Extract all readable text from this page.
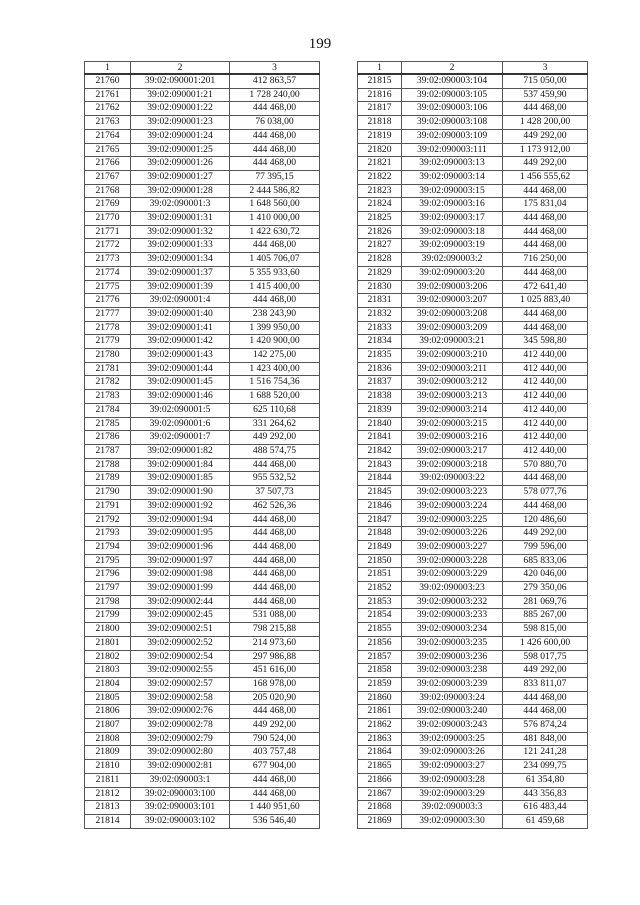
199
1	2	3
21760	39:02:090001:201	412 863,57
21761	39:02:090001:21	1 728 240,00
21762	39:02:090001:22	444 468,00
21763	39:02:090001:23	76 038,00
21764	39:02:090001:24	444 468,00
21765	39:02:090001:25	444 468,00
21766	39:02:090001:26	444 468,00
21767	39:02:090001:27	77 395,15
21768	39:02:090001:28	2 444 586,82
21769	39:02:090001:3	1 648 560,00
21770	39:02:090001:31	1 410 000,00
21771	39:02:090001:32	1 422 630,72
21772	39:02:090001:33	444 468,00
21773	39:02:090001:34	1 405 706,07
21774	39:02:090001:37	5 355 933,60
21775	39:02:090001:39	1 415 400,00
21776	39:02:090001:4	444 468,00
21777	39:02:090001:40	238 243,90
21778	39:02:090001:41	1 399 950,00
21779	39:02:090001:42	1 420 900,00
21780	39:02:090001:43	142 275,00
21781	39:02:090001:44	1 423 400,00
21782	39:02:090001:45	1 516 754,36
21783	39:02:090001:46	1 688 520,00
21784	39:02:090001:5	625 110,68
21785	39:02:090001:6	331 264,62
21786	39:02:090001:7	449 292,00
21787	39:02:090001:82	488 574,75
21788	39:02:090001:84	444 468,00
21789	39:02:090001:85	955 532,52
21790	39:02:090001:90	37 507,73
21791	39:02:090001:92	462 526,36
21792	39:02:090001:94	444 468,00
21793	39:02:090001:95	444 468,00
21794	39:02:090001:96	444 468,00
21795	39:02:090001:97	444 468,00
21796	39:02:090001:98	444 468,00
21797	39:02:090001:99	444 468,00
21798	39:02:090002:44	444 468,00
21799	39:02:090002:45	531 088,00
21800	39:02:090002:51	798 215,88
21801	39:02:090002:52	214 973,60
21802	39:02:090002:54	297 986,88
21803	39:02:090002:55	451 616,00
21804	39:02:090002:57	168 978,00
21805	39:02:090002:58	205 020,90
21806	39:02:090002:76	444 468,00
21807	39:02:090002:78	449 292,00
21808	39:02:090002:79	790 524,00
21809	39:02:090002:80	403 757,48
21810	39:02:090002:81	677 904,00
21811	39:02:090003:1	444 468,00
21812	39:02:090003:100	444 468,00
21813	39:02:090003:101	1 440 951,60
21814	39:02:090003:102	536 546,40
1	2	3
21815	39:02:090003:104	715 050,00
21816	39:02:090003:105	537 459,90
21817	39:02:090003:106	444 468,00
21818	39:02:090003:108	1 428 200,00
21819	39:02:090003:109	449 292,00
21820	39:02:090003:111	1 173 912,00
21821	39:02:090003:13	449 292,00
21822	39:02:090003:14	1 456 555,62
21823	39:02:090003:15	444 468,00
21824	39:02:090003:16	175 831,04
21825	39:02:090003:17	444 468,00
21826	39:02:090003:18	444 468,00
21827	39:02:090003:19	444 468,00
21828	39:02:090003:2	716 250,00
21829	39:02:090003:20	444 468,00
21830	39:02:090003:206	472 641,40
21831	39:02:090003:207	1 025 883,40
21832	39:02:090003:208	444 468,00
21833	39:02:090003:209	444 468,00
21834	39:02:090003:21	345 598,80
21835	39:02:090003:210	412 440,00
21836	39:02:090003:211	412 440,00
21837	39:02:090003:212	412 440,00
21838	39:02:090003:213	412 440,00
21839	39:02:090003:214	412 440,00
21840	39:02:090003:215	412 440,00
21841	39:02:090003:216	412 440,00
21842	39:02:090003:217	412 440,00
21843	39:02:090003:218	570 880,70
21844	39:02:090003:22	444 468,00
21845	39:02:090003:223	578 077,76
21846	39:02:090003:224	444 468,00
21847	39:02:090003:225	120 486,60
21848	39:02:090003:226	449 292,00
21849	39:02:090003:227	799 596,00
21850	39:02:090003:228	685 833,06
21851	39:02:090003:229	420 046,00
21852	39:02:090003:23	279 350,06
21853	39:02:090003:232	281 069,76
21854	39:02:090003:233	885 267,00
21855	39:02:090003:234	598 815,00
21856	39:02:090003:235	1 426 600,00
21857	39:02:090003:236	598 017,75
21858	39:02:090003:238	449 292,00
21859	39:02:090003:239	833 811,07
21860	39:02:090003:24	444 468,00
21861	39:02:090003:240	444 468,00
21862	39:02:090003:243	576 874,24
21863	39:02:090003:25	481 848,00
21864	39:02:090003:26	121 241,28
21865	39:02:090003:27	234 099,75
21866	39:02:090003:28	61 354,80
21867	39:02:090003:29	443 356,83
21868	39:02:090003:3	616 483,44
21869	39:02:090003:30	61 459,68
